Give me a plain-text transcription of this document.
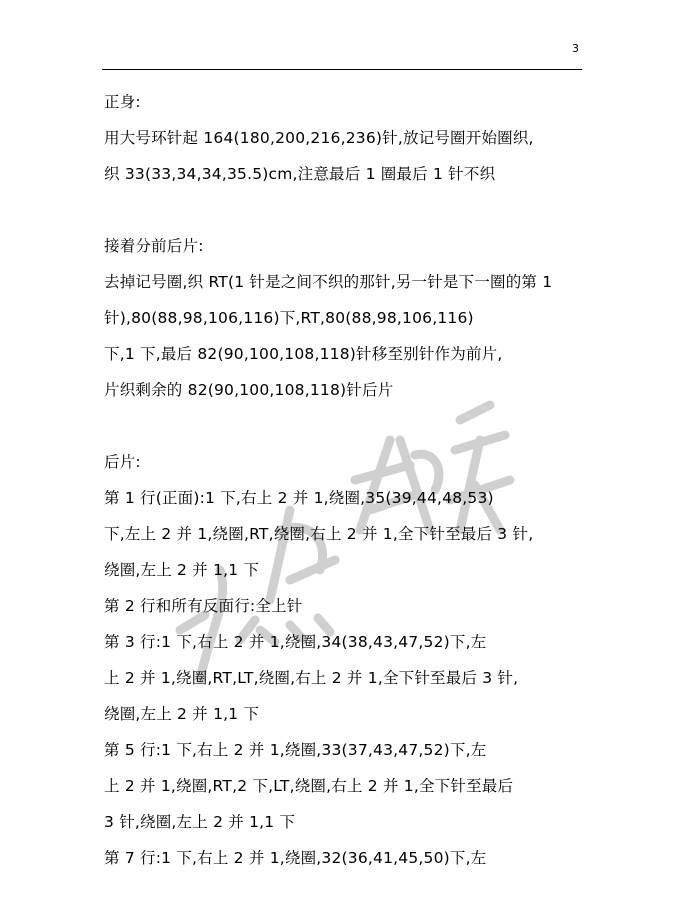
3

正身:

用大号环针起 164(180,200,216,236)针,放记号圈开始圈织,

织 33(33,34,34,35.5)cm,注意最后 1 圈最后 1 针不织

接着分前后片:

去掉记号圈,织 RT(1 针是之间不织的那针,另一针是下一圈的第 1

针),80(88,98,106,116)下,RT,80(88,98,106,116)

下,1 下,最后 82(90,100,108,118)针移至别针作为前片,

片织剩余的 82(90,100,108,118)针后片

后片:

第 1 行(正面):1 下,右上 2 并 1,绕圈,35(39,44,48,53)

下,左上 2 并 1,绕圈,RT,绕圈,右上 2 并 1,全下针至最后 3 针,

绕圈,左上 2 并 1,1 下

第 2 行和所有反面行:全上针

第 3 行:1 下,右上 2 并 1,绕圈,34(38,43,47,52)下,左

上 2 并 1,绕圈,RT,LT,绕圈,右上 2 并 1,全下针至最后 3 针,

绕圈,左上 2 并 1,1 下

第 5 行:1 下,右上 2 并 1,绕圈,33(37,43,47,52)下,左

上 2 并 1,绕圈,RT,2 下,LT,绕圈,右上 2 并 1,全下针至最后

3 针,绕圈,左上 2 并 1,1 下

第 7 行:1 下,右上 2 并 1,绕圈,32(36,41,45,50)下,左
